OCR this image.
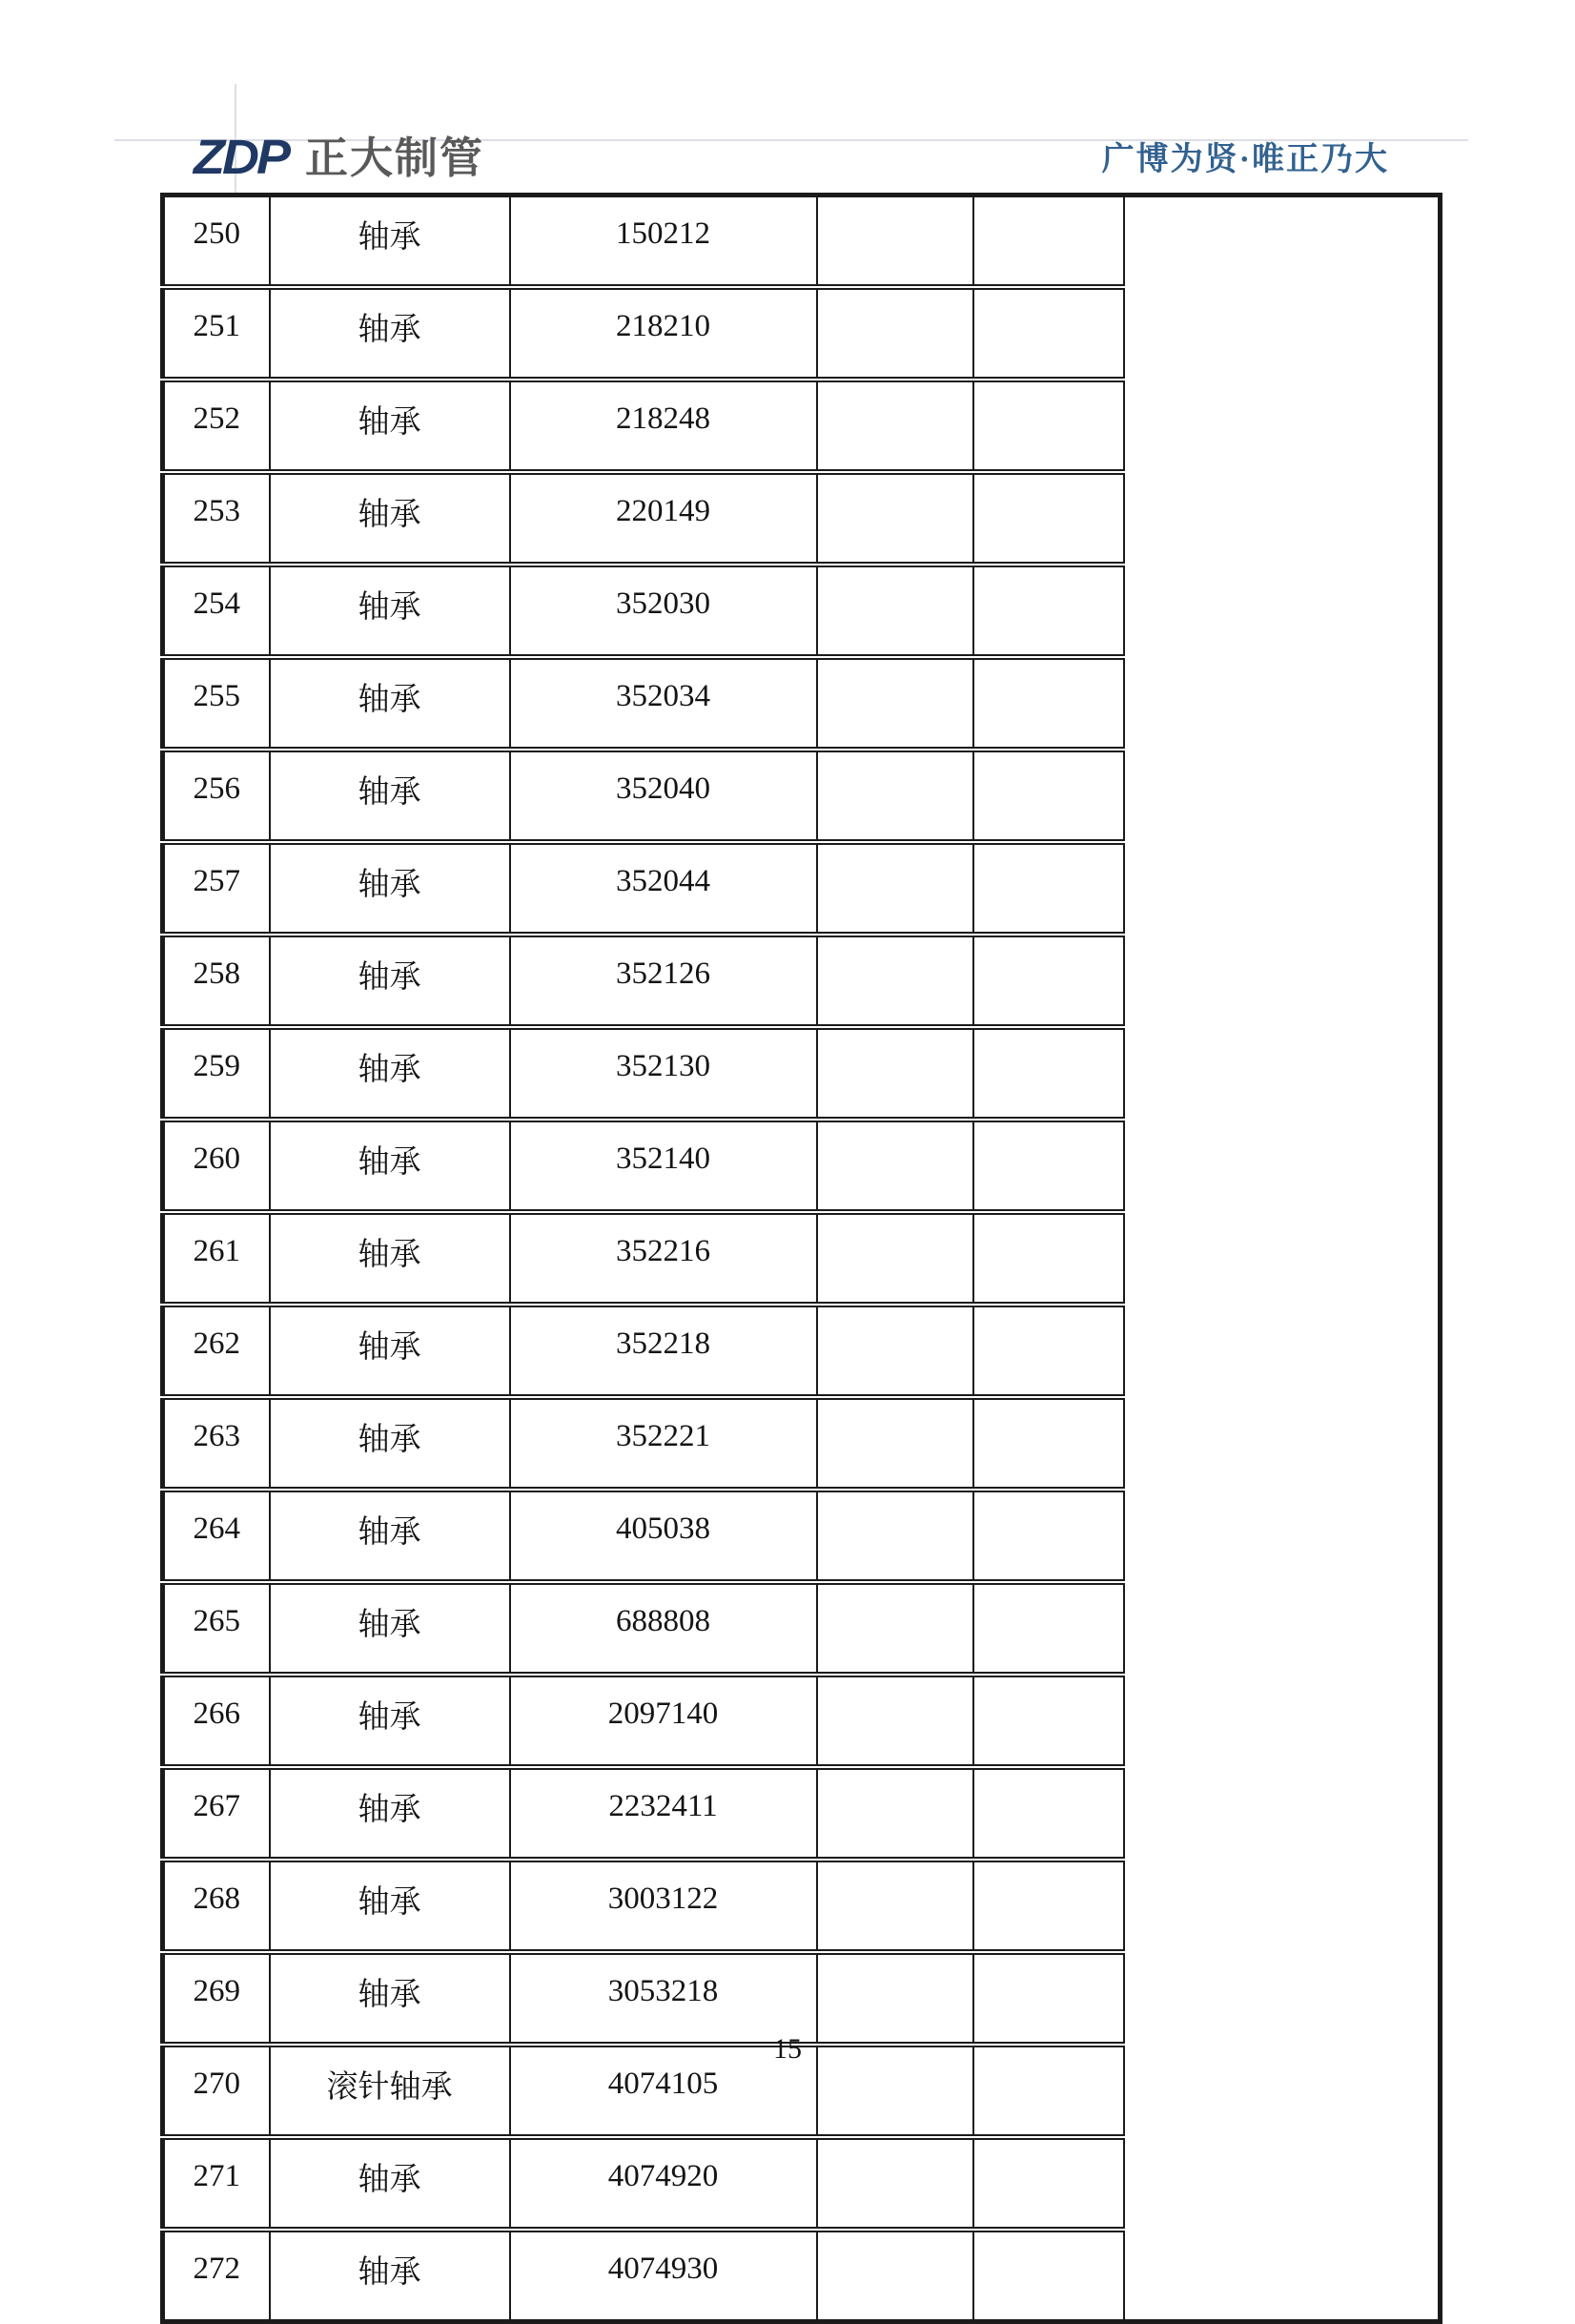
ZDP 正大制管	广博为贤·唯正乃大
250	轴承	150212			
251	轴承	218210			
252	轴承	218248			
253	轴承	220149			
254	轴承	352030			
255	轴承	352034			
256	轴承	352040			
257	轴承	352044			
258	轴承	352126			
259	轴承	352130			
260	轴承	352140			
261	轴承	352216			
262	轴承	352218			
263	轴承	352221			
264	轴承	405038			
265	轴承	688808			
266	轴承	2097140			
267	轴承	2232411			
268	轴承	3003122			
269	轴承	3053218			
270	滚针轴承	4074105			
271	轴承	4074920			
272	轴承	4074930			
15
